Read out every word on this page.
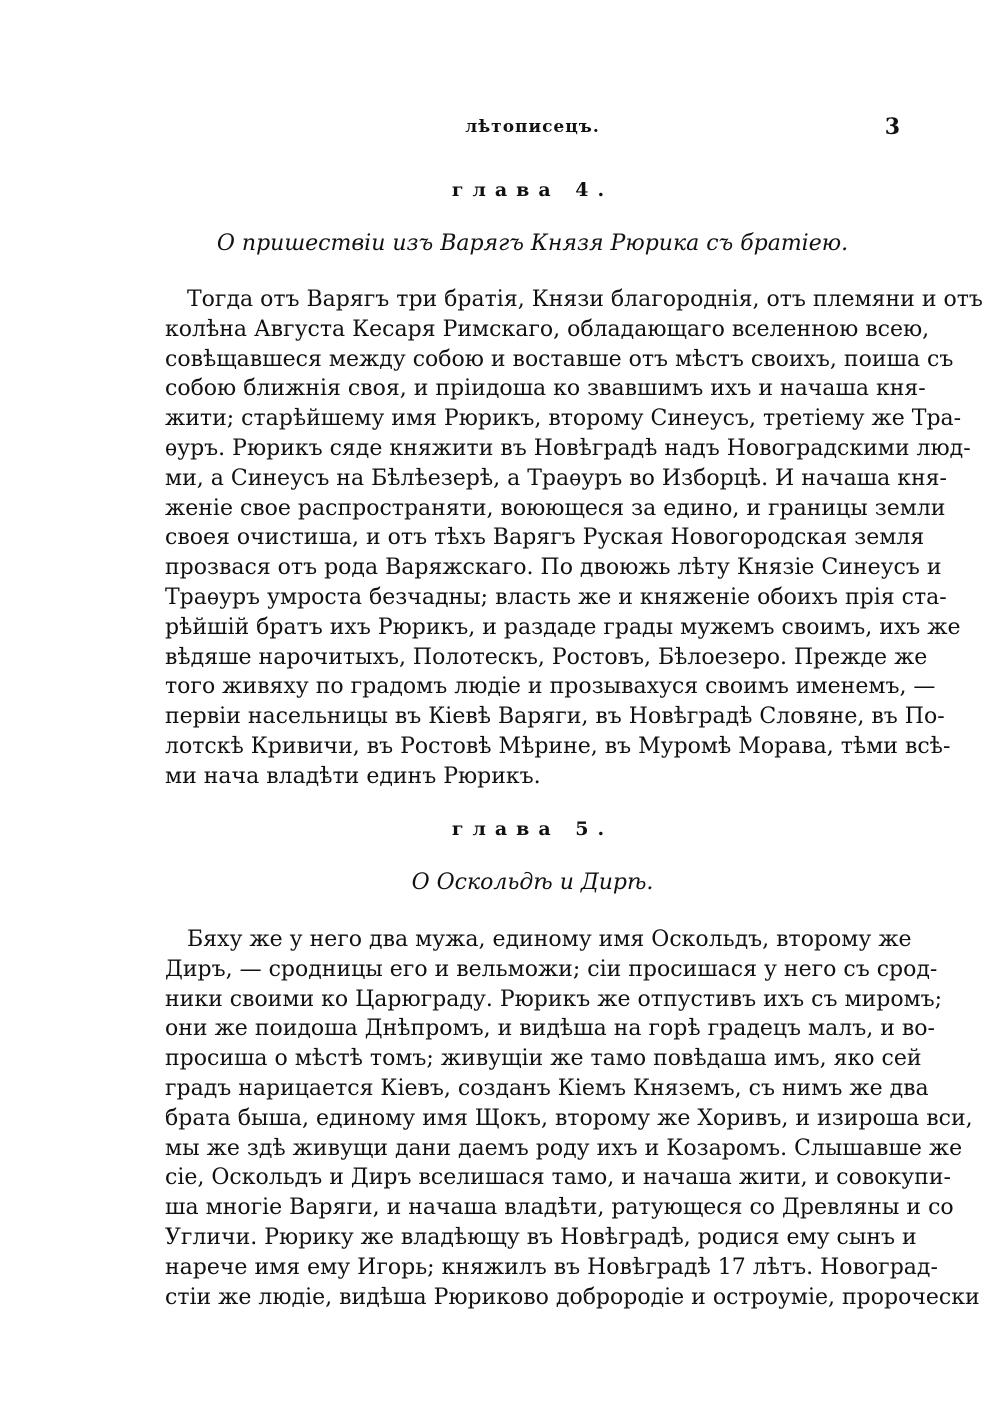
лѣтописецъ.	3
глава 4.
О пришествіи изъ Варягъ Князя Рюрика съ братіею.
Тогда отъ Варягъ три братія, Князи благороднія, отъ племяни и отъ
колѣна Августа Кесаря Римскаго, обладающаго вселенною всею,
совѣщавшеся между собою и воставше отъ мѣстъ своихъ, поиша съ
собою ближнія своя, и пріидоша ко звавшимъ ихъ и начаша кня-
жити; старѣйшему имя Рюрикъ, второму Синеусъ, третіему же Тра-
ѳуръ. Рюрикъ сяде княжити въ Новѣградѣ надъ Новоградскими люд-
ми, а Синеусъ на Бѣлѣезерѣ, а Траѳуръ во Изборцѣ. И начаша кня-
женіе свое распространяти, воюющеся за едино, и границы земли
своея очистиша, и отъ тѣхъ Варягъ Руская Новогородская земля
прозвася отъ рода Варяжскаго. По двоюжь лѣту Князіе Синеусъ и
Траѳуръ умроста безчадны; власть же и княженіе обоихъ прія ста-
рѣйшій братъ ихъ Рюрикъ, и раздаде грады мужемъ своимъ, ихъ же
вѣдяше нарочитыхъ, Полотескъ, Ростовъ, Бѣлоезеро. Прежде же
того живяху по градомъ людіе и прозывахуся своимъ именемъ, —
первіи насельницы въ Кіевѣ Варяги, въ Новѣградѣ Словяне, въ По-
лотскѣ Кривичи, въ Ростовѣ Мѣрине, въ Муромѣ Морава, тѣми всѣ-
ми нача владѣти единъ Рюрикъ.
глава 5.
О Оскольдѣ и Дирѣ.
Бяху же у него два мужа, единому имя Оскольдъ, второму же
Диръ, — сродницы его и вельможи; сіи просишася у него съ срод-
ники своими ко Царюграду. Рюрикъ же отпустивъ ихъ съ миромъ;
они же поидоша Днѣпромъ, и видѣша на горѣ градецъ малъ, и во-
просиша о мѣстѣ томъ; живущіи же тамо повѣдаша имъ, яко сей
градъ нарицается Кіевъ, созданъ Кіемъ Княземъ, съ нимъ же два
брата быша, единому имя Щокъ, второму же Хоривъ, и изироша вси,
мы же здѣ живущи дани даемъ роду ихъ и Козаромъ. Слышавше же
сіе, Оскольдъ и Диръ вселишася тамо, и начаша жити, и совокупи-
ша многіе Варяги, и начаша владѣти, ратующеся со Древляны и со
Угличи. Рюрику же владѣющу въ Новѣградѣ, родися ему сынъ и
нарече имя ему Игорь; княжилъ въ Новѣградѣ 17 лѣтъ. Новоград-
стіи же людіе, видѣша Рюриково доброродіе и остроуміе, пророчески
